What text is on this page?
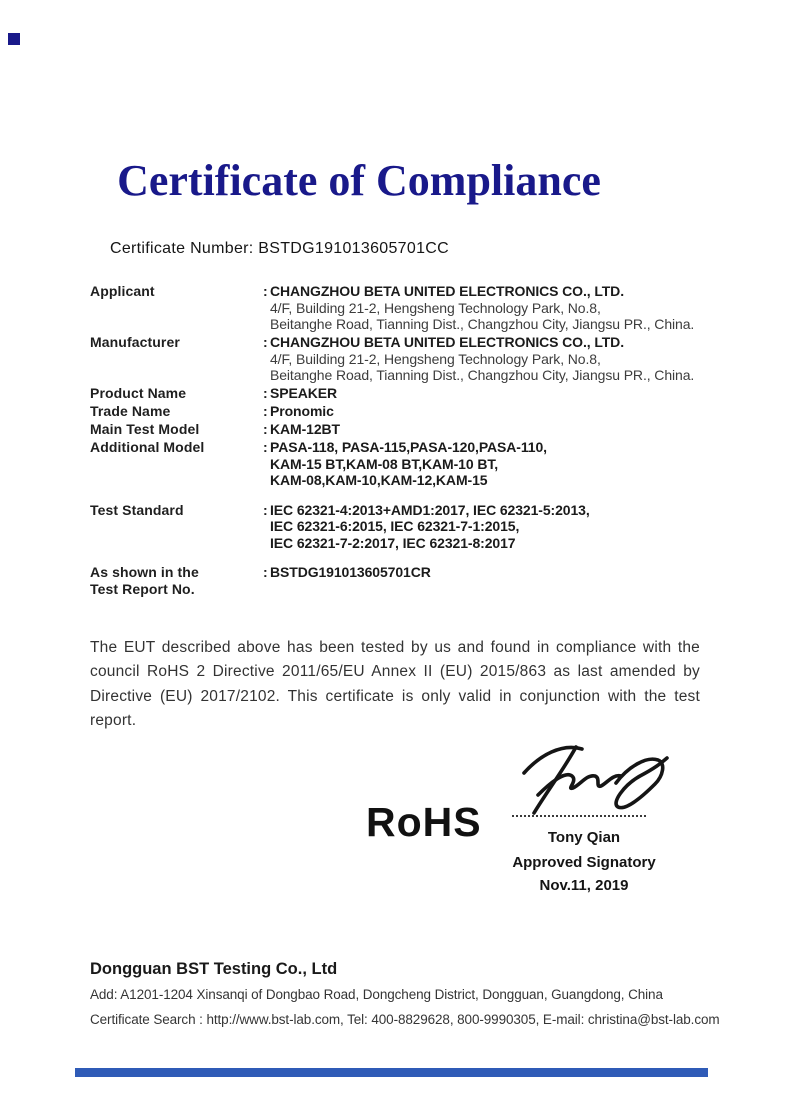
Certificate of Compliance
Certificate Number: BSTDG191013605701CC
Applicant	: CHANGZHOU BETA UNITED ELECTRONICS CO., LTD.
4/F, Building 21-2, Hengsheng Technology Park, No.8,
Beitanghe Road, Tianning Dist., Changzhou City, Jiangsu PR., China.
Manufacturer	: CHANGZHOU BETA UNITED ELECTRONICS CO., LTD.
4/F, Building 21-2, Hengsheng Technology Park, No.8,
Beitanghe Road, Tianning Dist., Changzhou City, Jiangsu PR., China.
Product Name	: SPEAKER
Trade Name	: Pronomic
Main Test Model	: KAM-12BT
Additional Model	: PASA-118, PASA-115,PASA-120,PASA-110,
KAM-15 BT,KAM-08 BT,KAM-10 BT,
KAM-08,KAM-10,KAM-12,KAM-15
Test Standard	: IEC 62321-4:2013+AMD1:2017, IEC 62321-5:2013,
IEC 62321-6:2015, IEC 62321-7-1:2015,
IEC 62321-7-2:2017, IEC 62321-8:2017
As shown in the
Test Report No.
: BSTDG191013605701CR
The EUT described above has been tested by us and found in compliance with the council RoHS 2 Directive 2011/65/EU Annex II (EU) 2015/863 as last amended by Directive (EU) 2017/2102. This certificate is only valid in conjunction with the test report.
RoHS	Tony Qian
Approved Signatory
Nov.11, 2019
Dongguan BST Testing Co., Ltd
Add: A1201-1204 Xinsanqi of Dongbao Road, Dongcheng District, Dongguan, Guangdong, China
Certificate Search : http://www.bst-lab.com, Tel: 400-8829628, 800-9990305, E-mail: christina@bst-lab.com
